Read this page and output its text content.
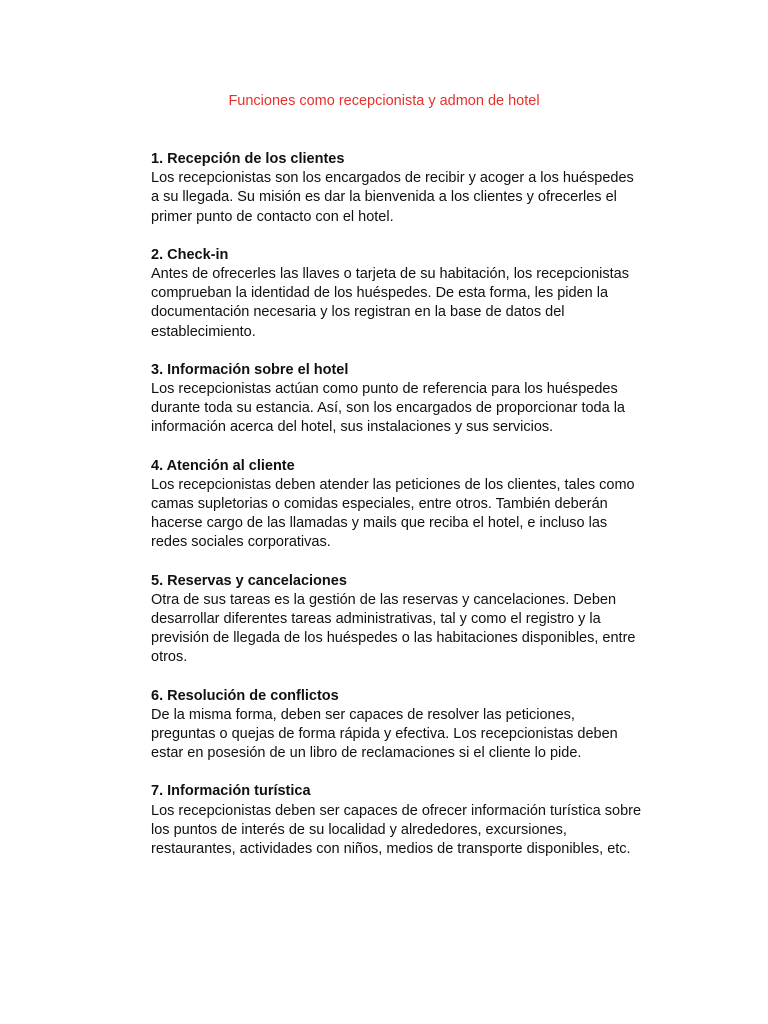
Funciones como recepcionista y admon de hotel
1. Recepción de los clientes
Los recepcionistas son los encargados de recibir y acoger a los huéspedes
a su llegada. Su misión es dar la bienvenida a los clientes y ofrecerles el
primer punto de contacto con el hotel.
2. Check-in
Antes de ofrecerles las llaves o tarjeta de su habitación, los recepcionistas
comprueban la identidad de los huéspedes. De esta forma, les piden la
documentación necesaria y los registran en la base de datos del
establecimiento.
3. Información sobre el hotel
Los recepcionistas actúan como punto de referencia para los huéspedes
durante toda su estancia. Así, son los encargados de proporcionar toda la
información acerca del hotel, sus instalaciones y sus servicios.
4. Atención al cliente
Los recepcionistas deben atender las peticiones de los clientes, tales como
camas supletorias o comidas especiales, entre otros. También deberán
hacerse cargo de las llamadas y mails que reciba el hotel, e incluso las
redes sociales corporativas.
5. Reservas y cancelaciones
Otra de sus tareas es la gestión de las reservas y cancelaciones. Deben
desarrollar diferentes tareas administrativas, tal y como el registro y la
previsión de llegada de los huéspedes o las habitaciones disponibles, entre
otros.
6. Resolución de conflictos
De la misma forma, deben ser capaces de resolver las peticiones,
preguntas o quejas de forma rápida y efectiva. Los recepcionistas deben
estar en posesión de un libro de reclamaciones si el cliente lo pide.
7. Información turística
Los recepcionistas deben ser capaces de ofrecer información turística sobre
los puntos de interés de su localidad y alrededores, excursiones,
restaurantes, actividades con niños, medios de transporte disponibles, etc.
